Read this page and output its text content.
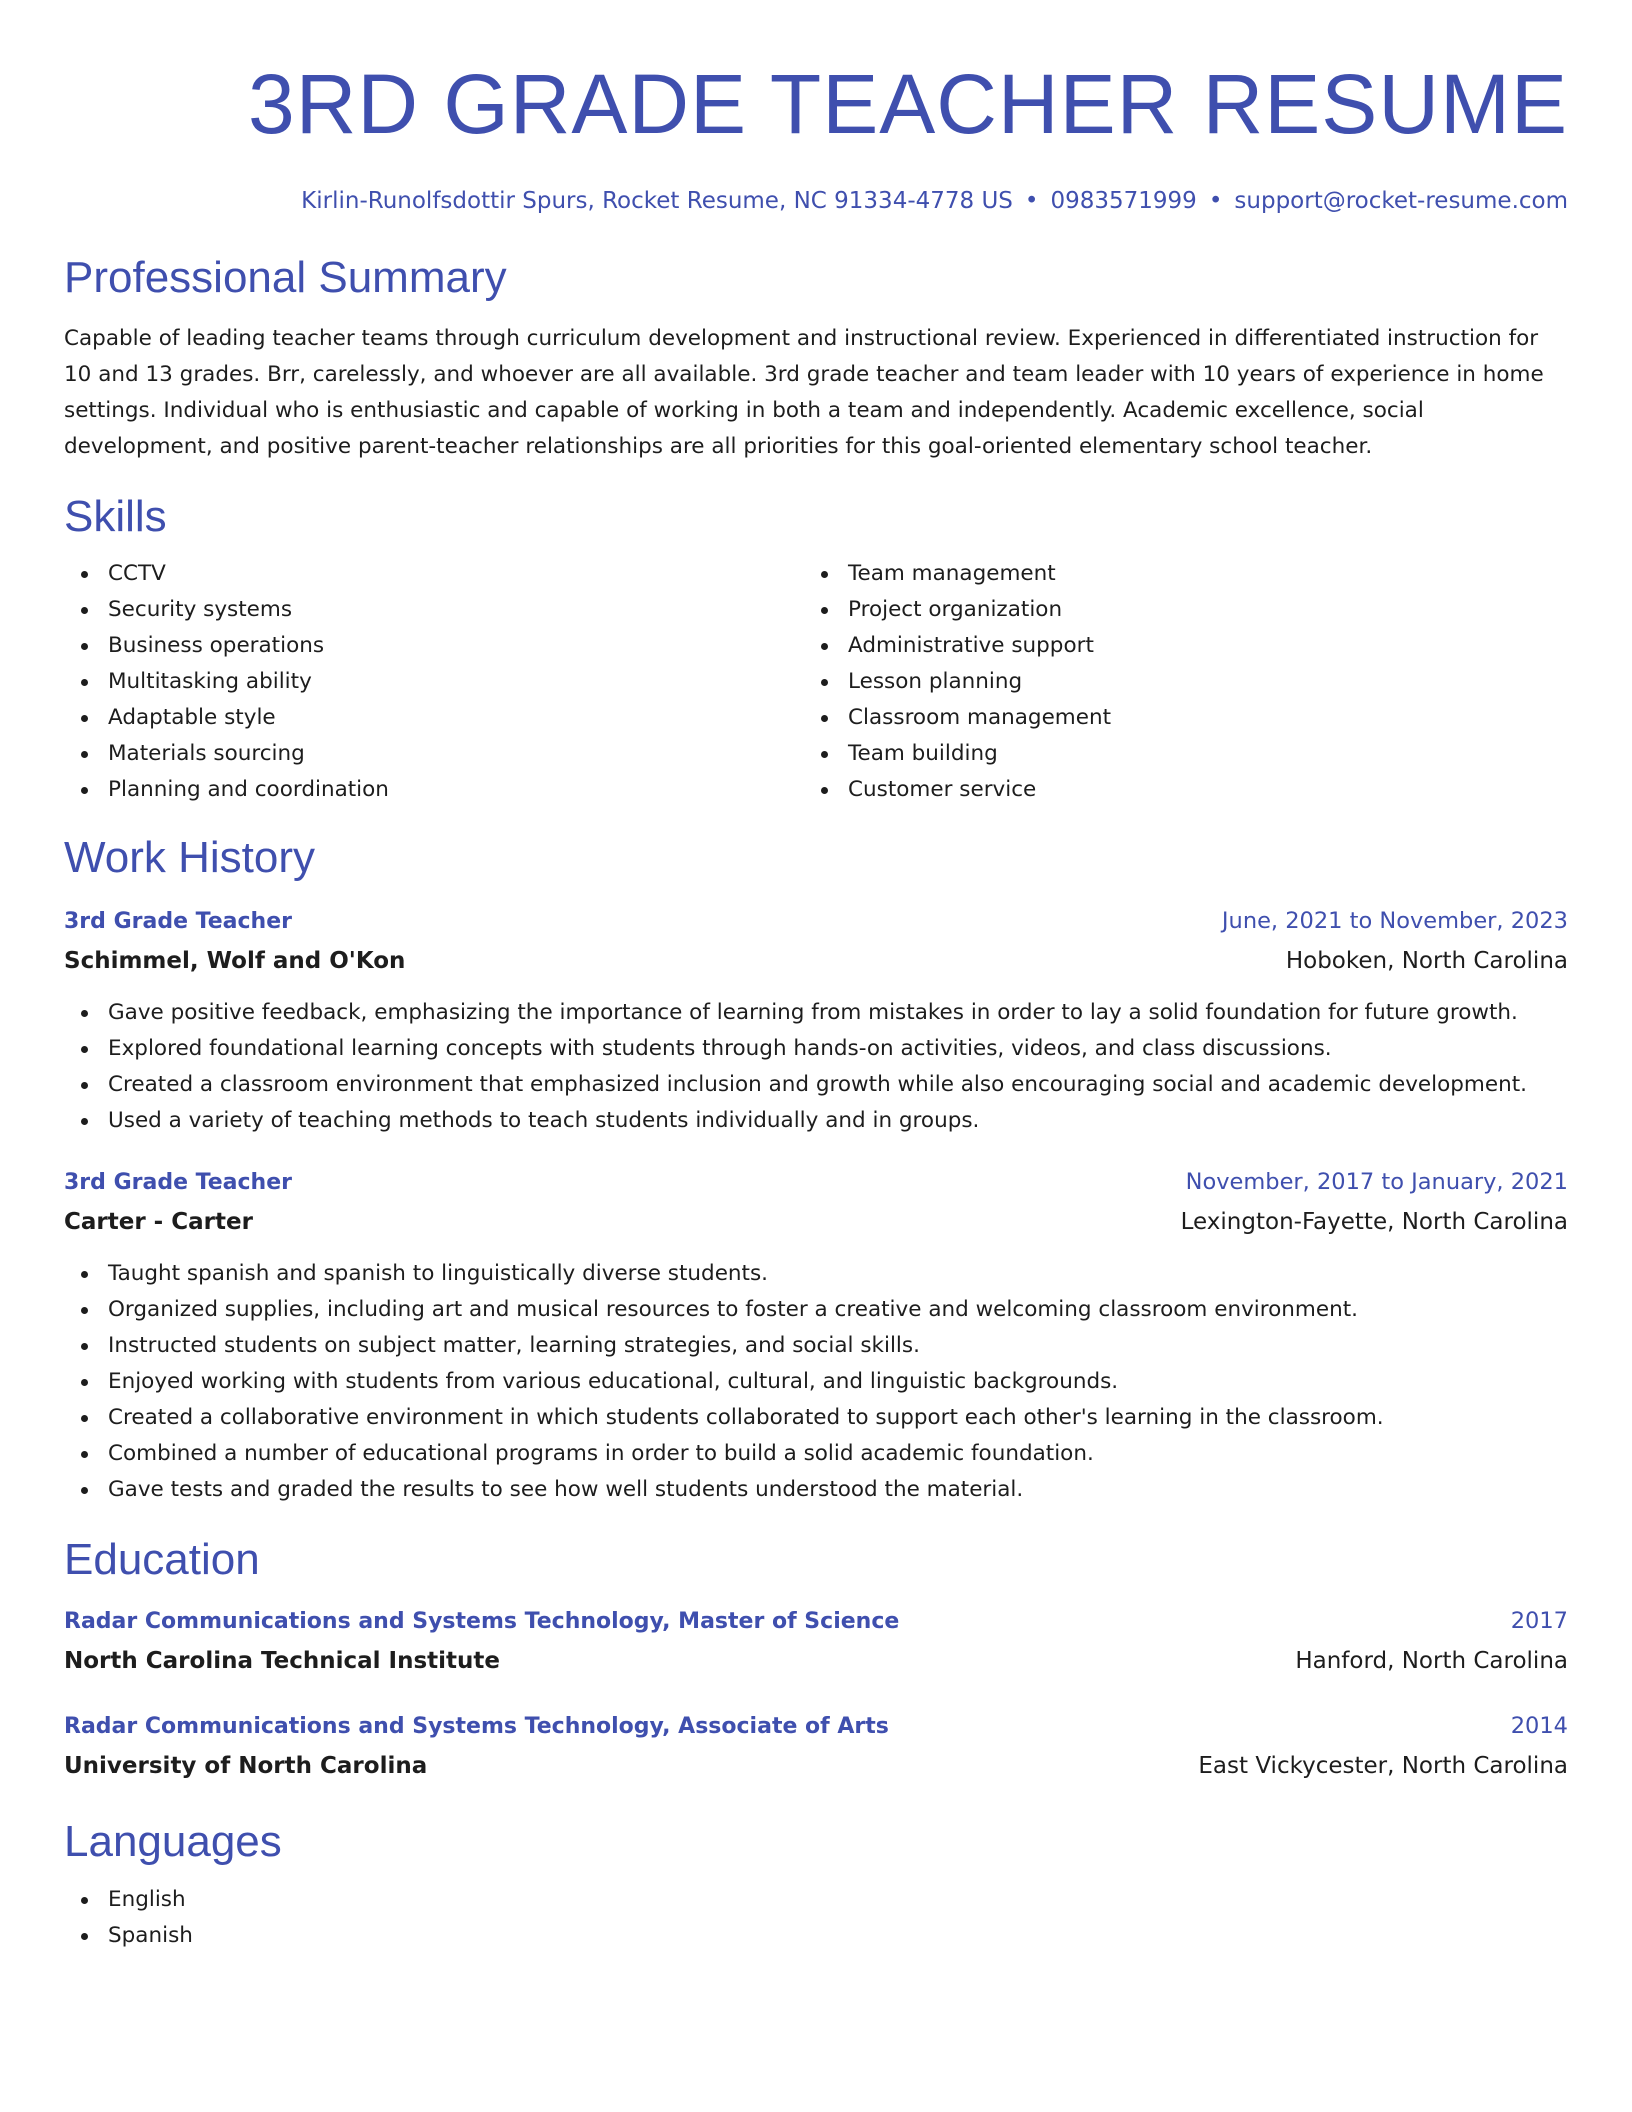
3RD GRADE TEACHER RESUME
Kirlin-Runolfsdottir Spurs, Rocket Resume, NC 91334-4778 US • 0983571999 • support@rocket-resume.com
Professional Summary

Capable of leading teacher teams through curriculum development and instructional review. Experienced in differentiated instruction for 10 and 13 grades. Brr, carelessly, and whoever are all available. 3rd grade teacher and team leader with 10 years of experience in home settings. Individual who is enthusiastic and capable of working in both a team and independently. Academic excellence, social development, and positive parent-teacher relationships are all priorities for this goal-oriented elementary school teacher.

Skills
CCTV
Security systems
Business operations
Multitasking ability
Adaptable style
Materials sourcing
Planning and coordination
Team management
Project organization
Administrative support
Lesson planning
Classroom management
Team building
Customer service
Work History
3rd Grade Teacher	June, 2021 to November, 2023
Schimmel, Wolf and O'Kon	Hoboken, North Carolina
Gave positive feedback, emphasizing the importance of learning from mistakes in order to lay a solid foundation for future growth.
Explored foundational learning concepts with students through hands-on activities, videos, and class discussions.
Created a classroom environment that emphasized inclusion and growth while also encouraging social and academic development.
Used a variety of teaching methods to teach students individually and in groups.
3rd Grade Teacher	November, 2017 to January, 2021
Carter - Carter	Lexington-Fayette, North Carolina
Taught spanish and spanish to linguistically diverse students.
Organized supplies, including art and musical resources to foster a creative and welcoming classroom environment.
Instructed students on subject matter, learning strategies, and social skills.
Enjoyed working with students from various educational, cultural, and linguistic backgrounds.
Created a collaborative environment in which students collaborated to support each other's learning in the classroom.
Combined a number of educational programs in order to build a solid academic foundation.
Gave tests and graded the results to see how well students understood the material.
Education
Radar Communications and Systems Technology, Master of Science	2017
North Carolina Technical Institute	Hanford, North Carolina
Radar Communications and Systems Technology, Associate of Arts	2014
University of North Carolina	East Vickycester, North Carolina
Languages
English
Spanish
